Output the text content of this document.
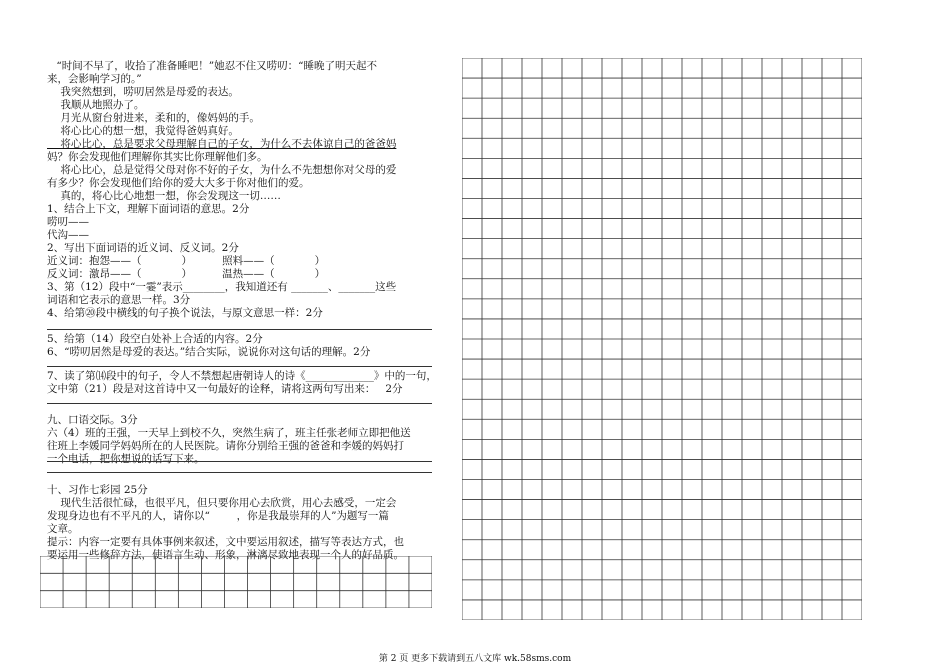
“时间不早了，收拾了准备睡吧！”她忍不住又唠叨：“睡晚了明天起不
来，会影响学习的。”
我突然想到，唠叨居然是母爱的表达。
我顺从地照办了。
月光从窗台射进来，柔和的，像妈妈的手。
将心比心的想一想，我觉得爸妈真好。
将心比心，总是要求父母理解自己的子女，为什么不去体谅自己的爸爸妈
妈？你会发现他们理解你其实比你理解他们多。
将心比心，总是觉得父母对你不好的子女，为什么不先想想你对父母的爱
有多少？你会发现他们给你的爱大大多于你对他们的爱。
真的，将心比心地想一想，你会发现这一切……
1、结合上下文，理解下面词语的意思。2分
唠叨——
代沟——
2、写出下面词语的近义词、反义词。2分
近义词：抱怨——（            ）         照料——（            ）
反义词：激昂——（            ）         温热——（            ）
3、第（12）段中“一霎”表示________，我知道还有 _______、_______这些
词语和它表示的意思一样。3分
4、给第⑳段中横线的句子换个说法，与原文意思一样：2分
5、给第（14）段空白处补上合适的内容。2分
6、“唠叨居然是母爱的表达。”结合实际，说说你对这句话的理解。2分
7、读了第⒁段中的句子，令人不禁想起唐朝诗人的诗《_____________》中的一句，
文中第（21）段是对这首诗中又一句最好的诠释，请将这两句写出来：   2分
九、口语交际。3分
六（4）班的王强，一天早上到校不久，突然生病了，班主任张老师立即把他送
往班上李媛同学妈妈所在的人民医院。请你分别给王强的爸爸和李媛的妈妈打
一个电话，把你想说的话写下来。
十、习作七彩园 25分
现代生活很忙碌，也很平凡，但只要你用心去欣赏，用心去感受，一定会
发现身边也有不平凡的人，请你以“        ，你是我最崇拜的人”为题写一篇
文章。
提示：内容一定要有具体事例来叙述，文中要运用叙述，描写等表达方式，也
要运用一些修辞方法，使语言生动、形象，淋漓尽致地表现一个人的好品质。
第 2 页 更多下载请到五八文库 wk.58sms.com
